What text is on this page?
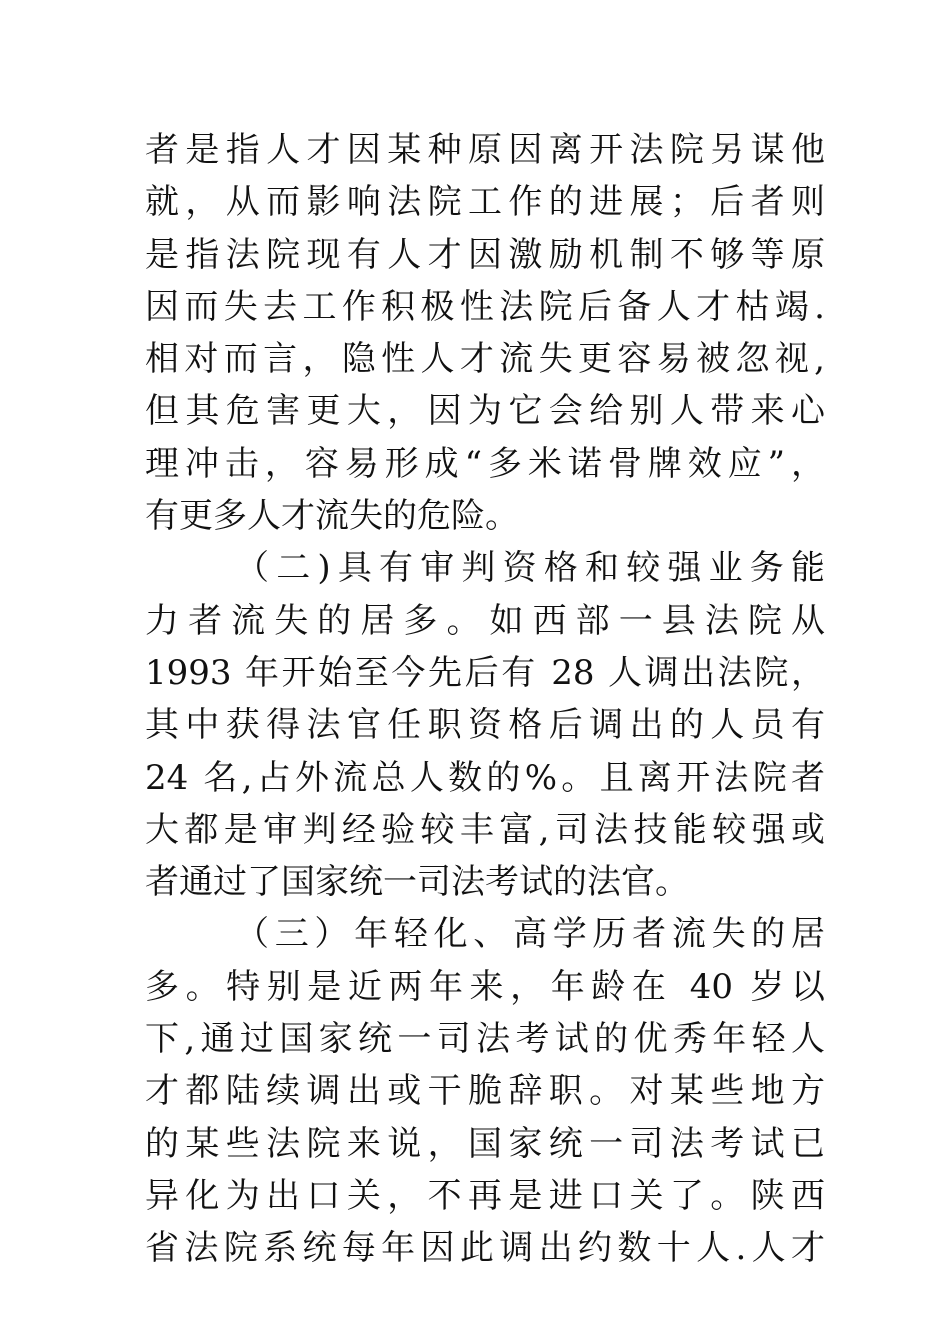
者是指人才因某种原因离开法院另谋他
就，从而影响法院工作的进展；后者则
是指法院现有人才因激励机制不够等原
因而失去工作积极性法院后备人才枯竭.
相对而言，隐性人才流失更容易被忽视,
但其危害更大，因为它会给别人带来心
理冲击，容易形成“多米诺骨牌效应”，
有更多人才流失的危险。
（二)具有审判资格和较强业务能
力者流失的居多。如西部一县法院从
1993 年开始至今先后有 28 人调出法院，
其中获得法官任职资格后调出的人员有
24 名,占外流总人数的%。且离开法院者
大都是审判经验较丰富,司法技能较强或
者通过了国家统一司法考试的法官。
（三）年轻化、高学历者流失的居
多。特别是近两年来，年龄在 40 岁以
下,通过国家统一司法考试的优秀年轻人
才都陆续调出或干脆辞职。对某些地方
的某些法院来说，国家统一司法考试已
异化为出口关，不再是进口关了。陕西
省法院系统每年因此调出约数十人.人才
